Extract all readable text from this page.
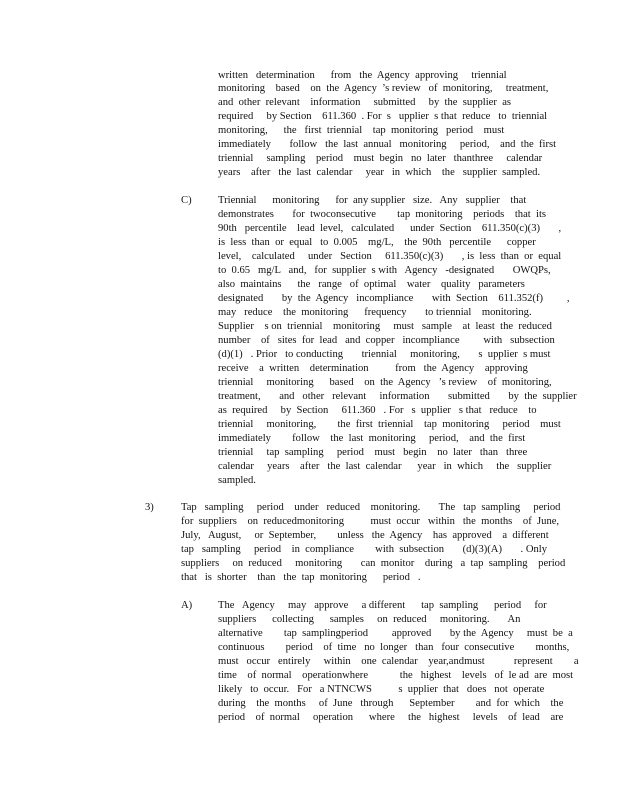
written   determination      from   the  Agency  approving     triennial
monitoring    based    on  the  Agency  ’s review   of  monitoring,     treatment,
and  other  relevant    information     submitted     by  the  supplier  as
required     by Section    611.360  . For  s   upplier  s that  reduce   to  triennial
monitoring,      the   first  triennial    tap  monitoring   period    must
immediately       follow   the  last  annual   monitoring     period,    and  the  first
triennial     sampling    period    must  begin   no  later   thanthree     calendar
years    after   the  last  calendar     year   in  which    the   supplier  sampled.
C) Triennial      monitoring      for  any supplier   size.   Any   supplier    that
demonstrates       for  twoconsecutive        tap  monitoring    periods    that  its
90th   percentile    lead  level,   calculated      under  Section    611.350(c)(3)       ,
is  less  than  or  equal   to  0.005    mg/L,    the  90th   percentile      copper
level,    calculated     under   Section     611.350(c)(3)       , is  less  than  or  equal
to  0.65   mg/L   and,   for  supplier  s with   Agency   -designated       OWQPs,
also  maintains      the   range   of  optimal    water    quality   parameters
designated       by  the  Agency   incompliance       with  Section    611.352(f)         ,
may   reduce    the  monitoring      frequency       to triennial    monitoring.
Supplier    s on  triennial    monitoring     must   sample    at  least  the  reduced
number    of   sites  for  lead   and  copper   incompliance         with   subsection
(d)(1)   . Prior   to conducting       triennial     monitoring,       s  upplier  s must
receive    a  written    determination          from   the  Agency    approving
triennial     monitoring      based    on  the  Agency   ’s review    of  monitoring,
treatment,       and   other   relevant     information       submitted       by  the  supplier
as  required     by  Section     611.360   . For   s  upplier   s that   reduce    to
triennial     monitoring,        the  first  triennial    tap  monitoring     period    must
immediately        follow    the  last  monitoring     period,    and  the  first
triennial     tap  sampling     period    must   begin    no  later   than   three
calendar     years    after   the  last  calendar      year   in  which     the   supplier
sampled.
3)	Tap   sampling     period    under   reduced    monitoring.       The   tap  sampling     period
for  suppliers    on  reducedmonitoring          must  occur   within   the  months    of  June,
July,   August,     or  September,        unless   the  Agency    has  approved    a  different
tap   sampling     period    in  compliance        with  subsection       (d)(3)(A)       . Only
suppliers     on  reduced     monitoring       can  monitor    during   a  tap  sampling    period
that   is  shorter    than   the  tap  monitoring      period   .
A) The   Agency     may   approve     a different      tap  sampling      period     for
suppliers      collecting      samples     on  reduced     monitoring.       An
alternative        tap  samplingperiod         approved       by the  Agency     must  be  a
continuous        period    of  time   no  longer   than   four  consecutive        months,
must   occur   entirely     within    one  calendar    year,andmust           represent        a
time    of  normal    operationwhere            the   highest    levels   of  le ad  are  most
likely   to  occur.   For   a NTNCWS          s  upplier  that   does   not  operate
during    the  months     of  June   through      September        and  for  which    the
period    of  normal     operation      where     the   highest     levels    of  lead    are
